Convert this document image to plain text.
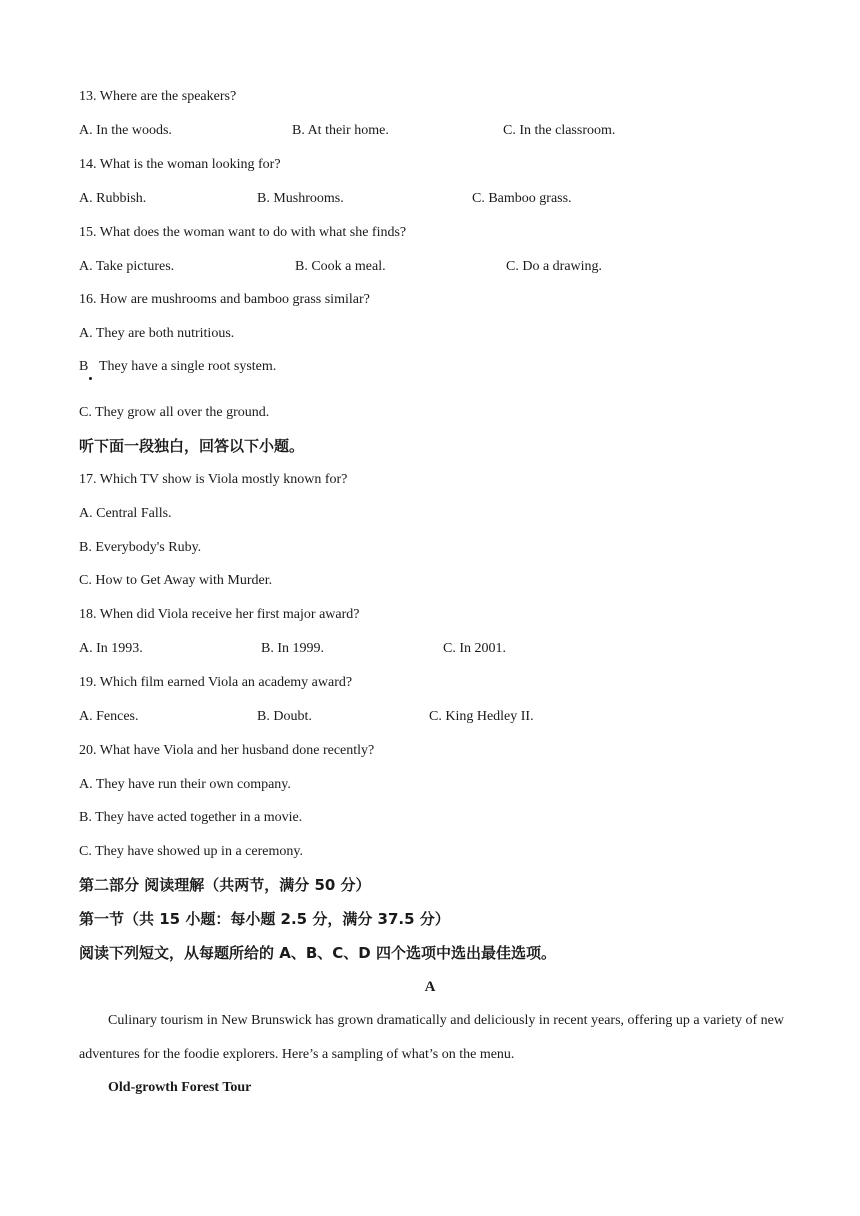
13. Where are the speakers?
A. In the woods.	B. At their home.	C. In the classroom.
14. What is the woman looking for?
A. Rubbish.	B. Mushrooms.	C. Bamboo grass.
15. What does the woman want to do with what she finds?
A. Take pictures.	B. Cook a meal.	C. Do a drawing.
16. How are mushrooms and bamboo grass similar?
A. They are both nutritious.
B They have a single root system.
C. They grow all over the ground.
听下面一段独白，回答以下小题。
17. Which TV show is Viola mostly known for?
A. Central Falls.
B. Everybody's Ruby.
C. How to Get Away with Murder.
18. When did Viola receive her first major award?
A. In 1993.	B. In 1999.	C. In 2001.
19. Which film earned Viola an academy award?
A. Fences.	B. Doubt.	C. King Hedley II.
20. What have Viola and her husband done recently?
A. They have run their own company.
B. They have acted together in a movie.
C. They have showed up in a ceremony.
第二部分 阅读理解（共两节，满分 50 分）
第一节（共 15 小题：每小题 2.5 分，满分 37.5 分）
阅读下列短文，从每题所给的 A、B、C、D 四个选项中选出最佳选项。
A
Culinary tourism in New Brunswick has grown dramatically and deliciously in recent years, offering up a variety of new adventures for the foodie explorers. Here’s a sampling of what’s on the menu.
Old-growth Forest Tour
